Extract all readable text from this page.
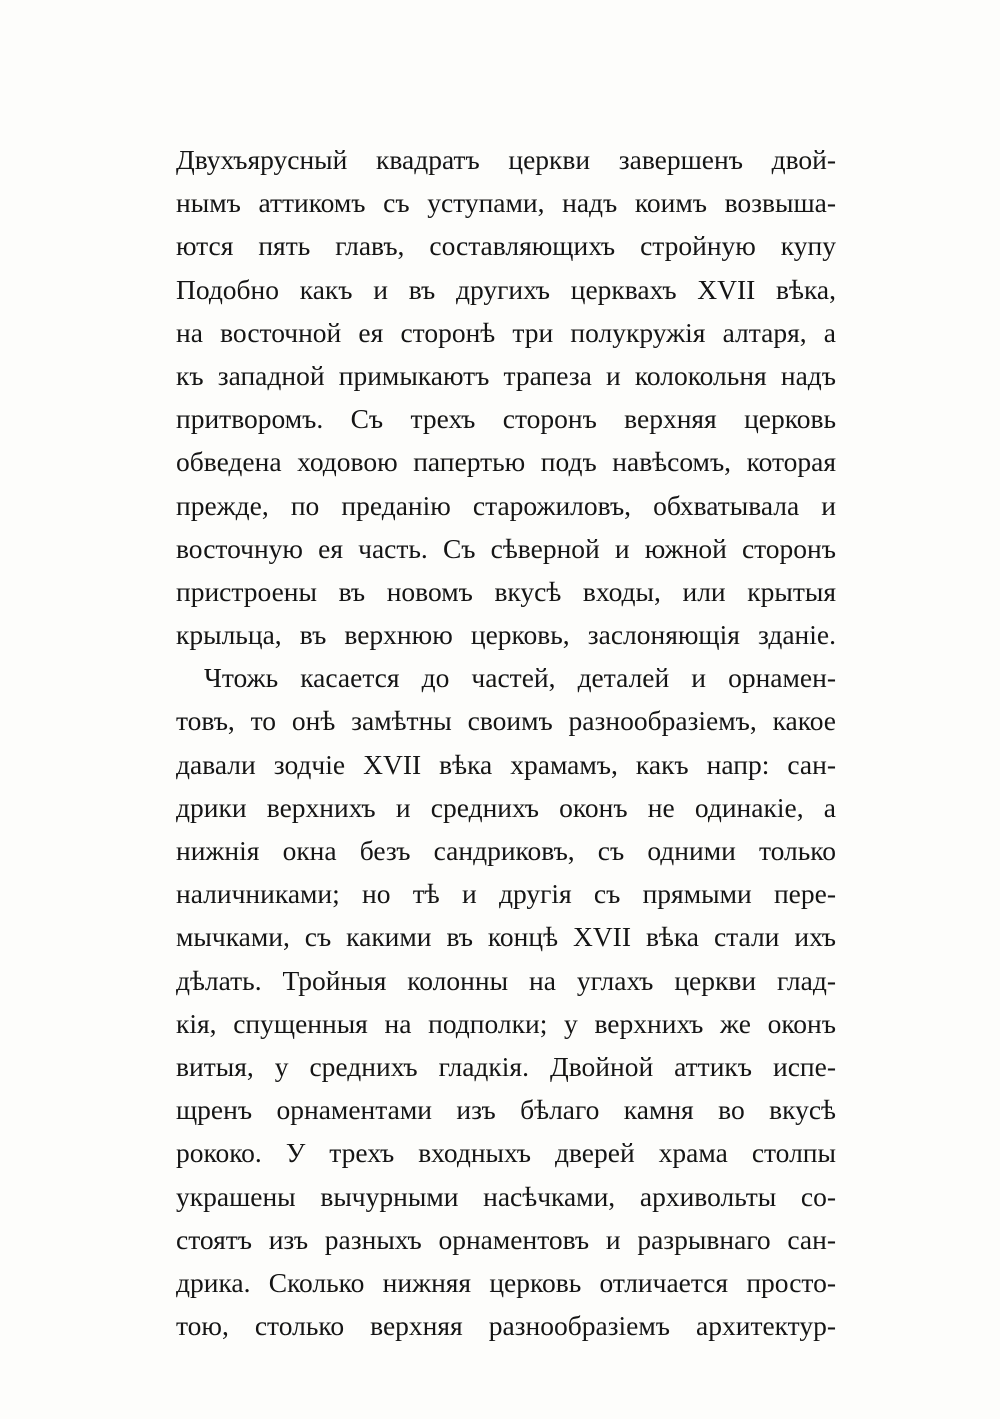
Двухъярусный квадратъ церкви завершенъ двой-
нымъ аттикомъ съ уступами, надъ коимъ возвыша-
ются пять главъ, составляющихъ стройную купу
Подобно какъ и въ другихъ церквахъ XVII вѣка,
на восточной ея сторонѣ три полукружія алтаря, а
къ западной примыкаютъ трапеза и колокольня надъ
притворомъ. Съ трехъ сторонъ верхняя церковь
обведена ходовою папертью подъ навѣсомъ, которая
прежде, по преданію старожиловъ, обхватывала и
восточную ея часть. Съ сѣверной и южной сторонъ
пристроены въ новомъ вкусѣ входы, или крытыя
крыльца, въ верхнюю церковь, заслоняющія зданіе.
Чтожь касается до частей, деталей и орнамен-
товъ, то онѣ замѣтны своимъ разнообразіемъ, какое
давали зодчіе XVII вѣка храмамъ, какъ напр: сан-
дрики верхнихъ и среднихъ оконъ не одинакіе, а
нижнія окна безъ сандриковъ, съ одними только
наличниками; но тѣ и другія съ прямыми пере-
мычками, съ какими въ концѣ XVII вѣка стали ихъ
дѣлать. Тройныя колонны на углахъ церкви глад-
кія, спущенныя на подполки; у верхнихъ же оконъ
витыя, у среднихъ гладкія. Двойной аттикъ испе-
щренъ орнаментами изъ бѣлаго камня во вкусѣ
рококо. У трехъ входныхъ дверей храма столпы
украшены вычурными насѣчками, архивольты со-
стоятъ изъ разныхъ орнаментовъ и разрывнаго сан-
дрика. Сколько нижняя церковь отличается просто-
тою, столько верхняя разнообразіемъ архитектур-
